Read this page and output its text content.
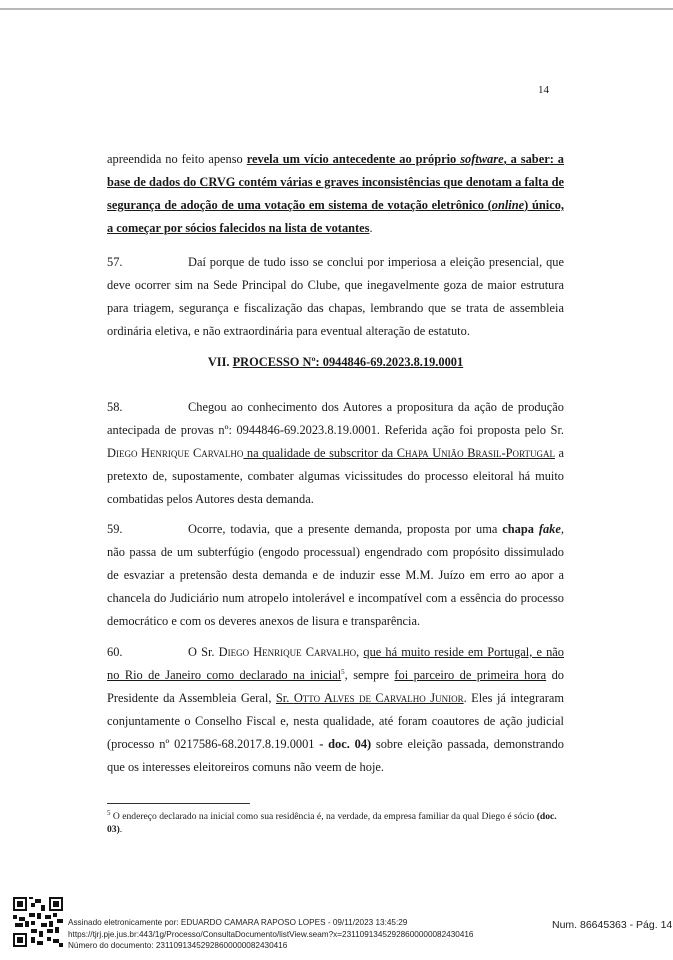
14
apreendida no feito apenso revela um vício antecedente ao próprio software, a saber: a base de dados do CRVG contém várias e graves inconsistências que denotam a falta de segurança de adoção de uma votação em sistema de votação eletrônico (online) único, a começar por sócios falecidos na lista de votantes.
57.	Daí porque de tudo isso se conclui por imperiosa a eleição presencial, que deve ocorrer sim na Sede Principal do Clube, que inegavelmente goza de maior estrutura para triagem, segurança e fiscalização das chapas, lembrando que se trata de assembleia ordinária eletiva, e não extraordinária para eventual alteração de estatuto.
VII. PROCESSO Nº: 0944846-69.2023.8.19.0001
58.	Chegou ao conhecimento dos Autores a propositura da ação de produção antecipada de provas nº: 0944846-69.2023.8.19.0001. Referida ação foi proposta pelo Sr. Diego Henrique Carvalho na qualidade de subscritor da Chapa União Brasil-Portugal a pretexto de, supostamente, combater algumas vicissitudes do processo eleitoral há muito combatidas pelos Autores desta demanda.
59.	Ocorre, todavia, que a presente demanda, proposta por uma chapa fake, não passa de um subterfúgio (engodo processual) engendrado com propósito dissimulado de esvaziar a pretensão desta demanda e de induzir esse M.M. Juízo em erro ao apor a chancela do Judiciário num atropelo intolerável e incompatível com a essência do processo democrático e com os deveres anexos de lisura e transparência.
60.	O Sr. Diego Henrique Carvalho, que há muito reside em Portugal, e não no Rio de Janeiro como declarado na inicial$^5$, sempre foi parceiro de primeira hora do Presidente da Assembleia Geral, Sr. Otto Alves de Carvalho Junior. Eles já integraram conjuntamente o Conselho Fiscal e, nesta qualidade, até foram coautores de ação judicial (processo nº 0217586-68.2017.8.19.0001 - doc. 04) sobre eleição passada, demonstrando que os interesses eleitoreiros comuns não veem de hoje.
$^5$ O endereço declarado na inicial como sua residência é, na verdade, da empresa familiar da qual Diego é sócio (doc. 03).
Assinado eletronicamente por: EDUARDO CAMARA RAPOSO LOPES - 09/11/2023 13:45:29
https://tjrj.pje.jus.br:443/1g/Processo/ConsultaDocumento/listView.seam?x=23110913452928600000082430416
Número do documento: 23110913452928600000082430416
Num. 86645363 - Pág. 14
